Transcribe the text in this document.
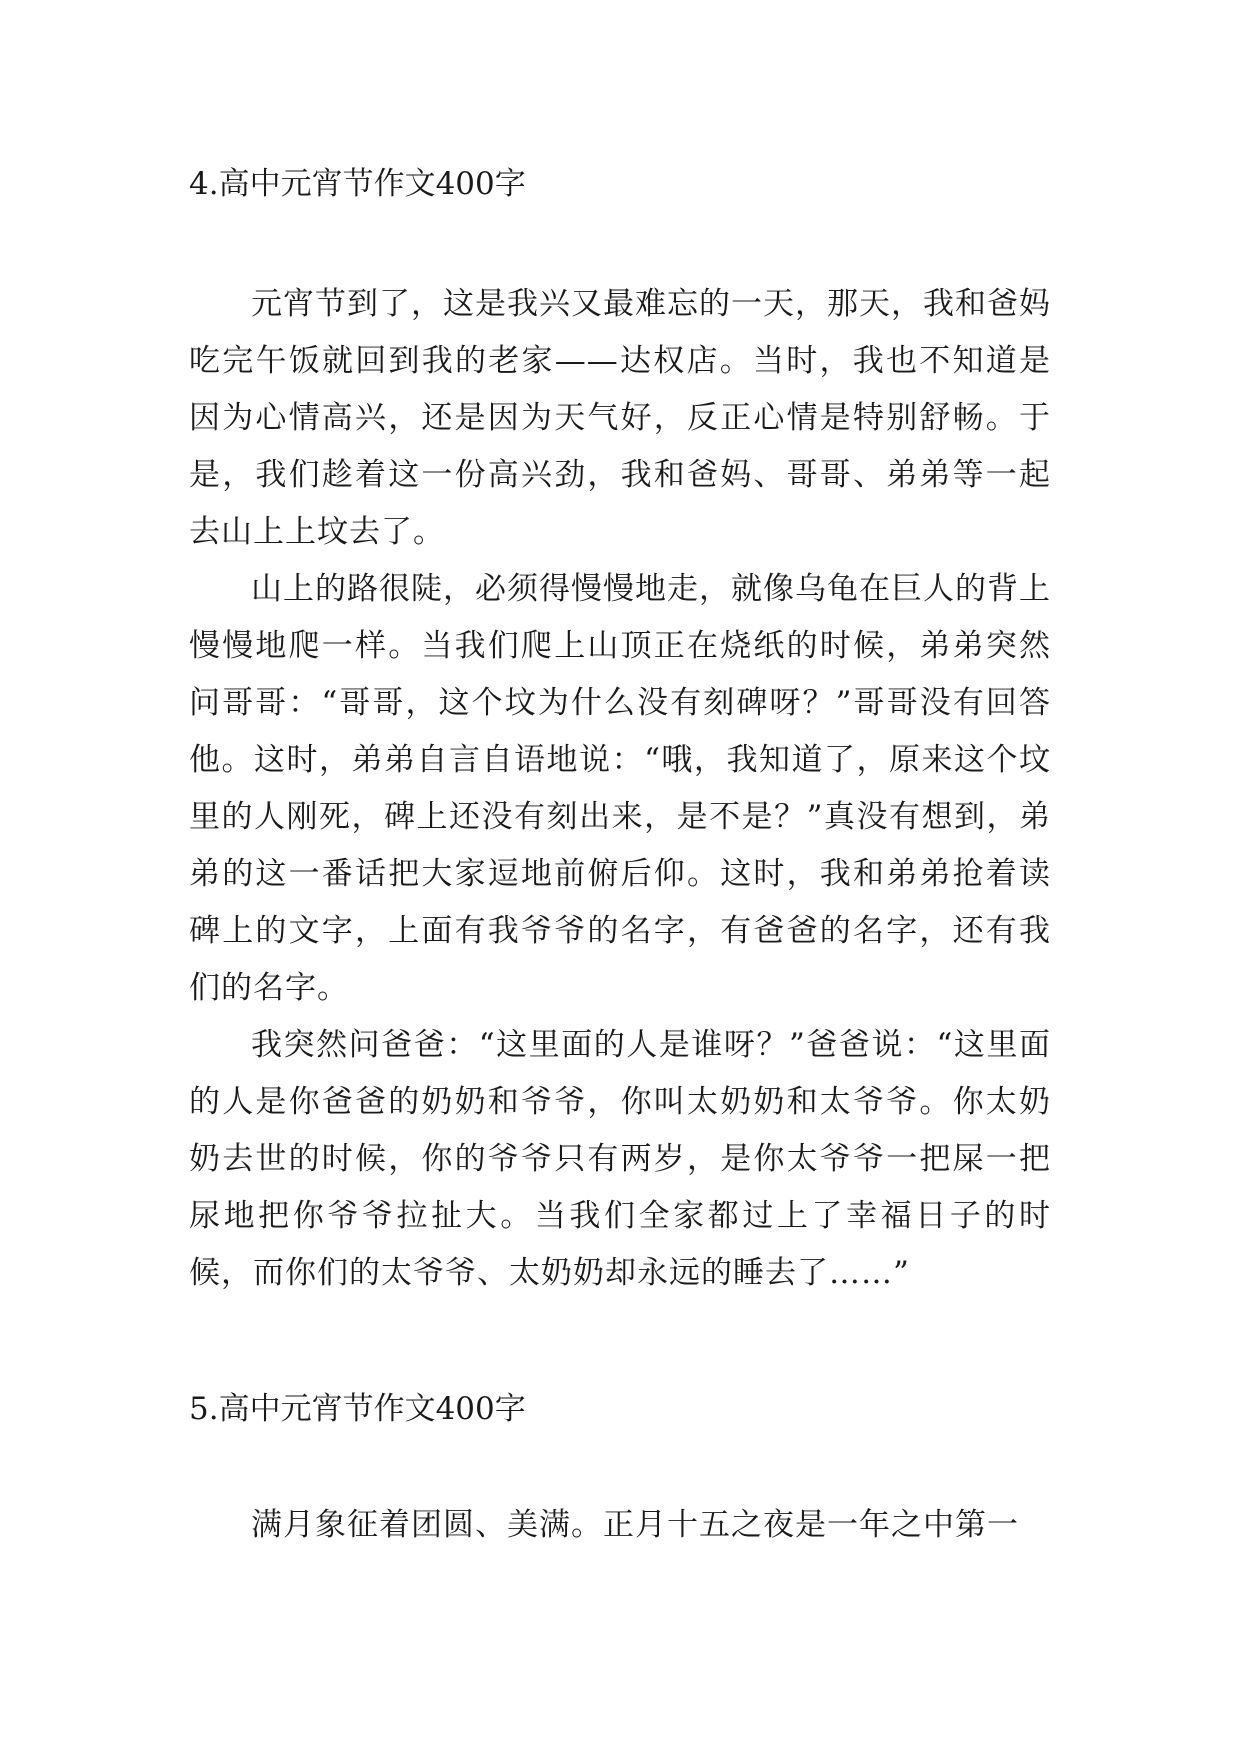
4.高中元宵节作文400字

元宵节到了，这是我兴又最难忘的一天，那天，我和爸妈吃完午饭就回到我的老家——达权店。当时，我也不知道是因为心情高兴，还是因为天气好，反正心情是特别舒畅。于是，我们趁着这一份高兴劲，我和爸妈、哥哥、弟弟等一起去山上上坟去了。

山上的路很陡，必须得慢慢地走，就像乌龟在巨人的背上慢慢地爬一样。当我们爬上山顶正在烧纸的时候，弟弟突然问哥哥：“哥哥，这个坟为什么没有刻碑呀？”哥哥没有回答他。这时，弟弟自言自语地说：“哦，我知道了，原来这个坟里的人刚死，碑上还没有刻出来，是不是？”真没有想到，弟弟的这一番话把大家逗地前俯后仰。这时，我和弟弟抢着读碑上的文字，上面有我爷爷的名字，有爸爸的名字，还有我们的名字。

我突然问爸爸：“这里面的人是谁呀？”爸爸说：“这里面的人是你爸爸的奶奶和爷爷，你叫太奶奶和太爷爷。你太奶奶去世的时候，你的爷爷只有两岁，是你太爷爷一把屎一把尿地把你爷爷拉扯大。当我们全家都过上了幸福日子的时候，而你们的太爷爷、太奶奶却永远的睡去了……”

5.高中元宵节作文400字

满月象征着团圆、美满。正月十五之夜是一年之中第一
